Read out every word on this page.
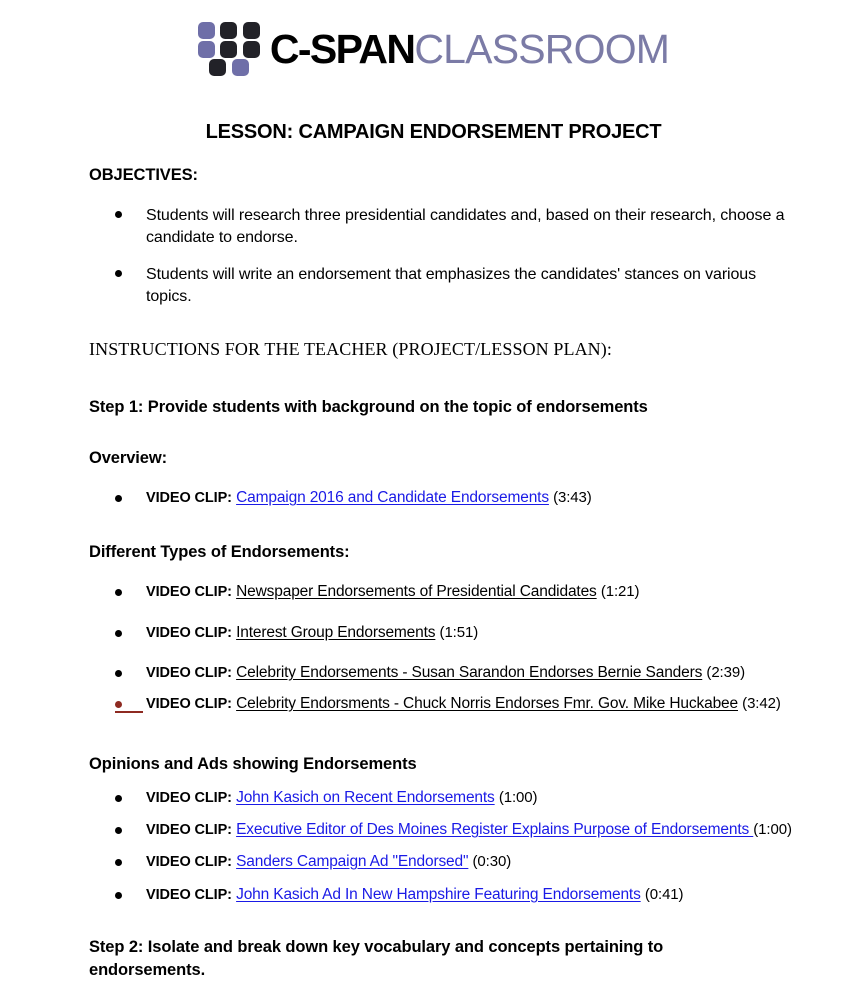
C-SPAN CLASSROOM
LESSON: CAMPAIGN ENDORSEMENT PROJECT
OBJECTIVES:
Students will research three presidential candidates and, based on their research, choose a candidate to endorse.
Students will write an endorsement that emphasizes the candidates' stances on various topics.
INSTRUCTIONS FOR THE TEACHER (PROJECT/LESSON PLAN):
Step 1: Provide students with background on the topic of endorsements
Overview:
VIDEO CLIP: Campaign 2016 and Candidate Endorsements (3:43)
Different Types of Endorsements:
VIDEO CLIP: Newspaper Endorsements of Presidential Candidates (1:21)
VIDEO CLIP: Interest Group Endorsements (1:51)
VIDEO CLIP: Celebrity Endorsements - Susan Sarandon Endorses Bernie Sanders (2:39)
VIDEO CLIP: Celebrity Endorsments - Chuck Norris Endorses Fmr. Gov. Mike Huckabee (3:42)
Opinions and Ads showing Endorsements
VIDEO CLIP: John Kasich on Recent Endorsements (1:00)
VIDEO CLIP: Executive Editor of Des Moines Register Explains Purpose of Endorsements (1:00)
VIDEO CLIP: Sanders Campaign Ad "Endorsed" (0:30)
VIDEO CLIP: John Kasich Ad In New Hampshire Featuring Endorsements (0:41)
Step 2: Isolate and break down key vocabulary and concepts pertaining to endorsements.
